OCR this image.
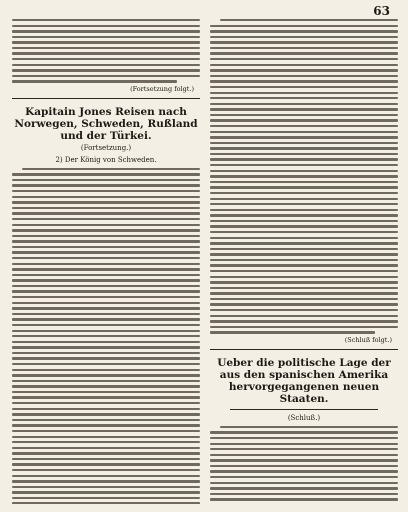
63
(Fortsetzung folgt.)
Kapitain Jones Reisen nach Norwegen, Schweden, Rußland und der Türkei.
(Fortsetzung.)
2) Der König von Schweden.
(Schluß folgt.)
Ueber die politische Lage der aus den spanischen Amerika hervorgegangenen neuen Staaten.
(Schluß.)
